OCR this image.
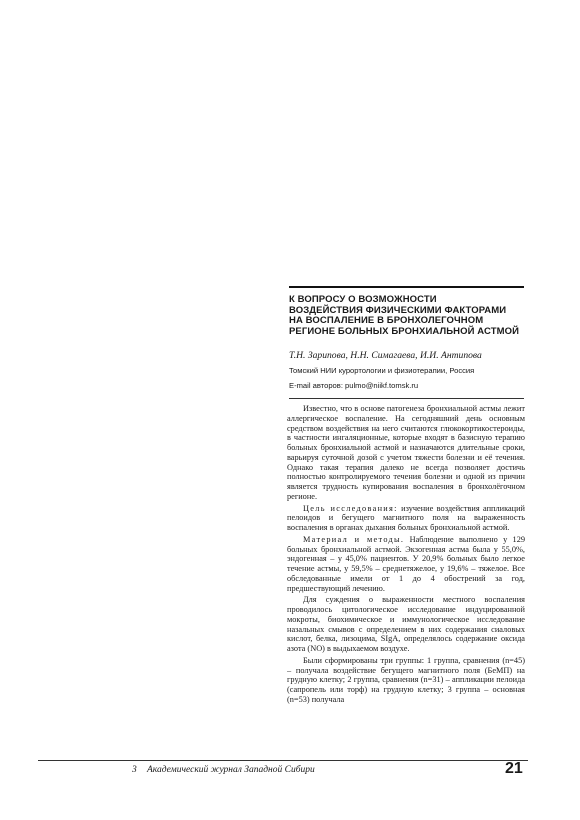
К ВОПРОСУ О ВОЗМОЖНОСТИ
ВОЗДЕЙСТВИЯ ФИЗИЧЕСКИМИ ФАКТОРАМИ
НА ВОСПАЛЕНИЕ В БРОНХОЛЕГОЧНОМ
РЕГИОНЕ БОЛЬНЫХ БРОНХИАЛЬНОЙ АСТМОЙ

Т.Н. Зарипова, Н.Н. Симагаева, И.И. Антипова

Томский НИИ курортологии и физиотерапии, Россия

E-mail авторов: pulmo@niikf.tomsk.ru

Известно, что в основе патогенеза бронхиальной астмы лежит аллергическое воспаление. На сегодняшний день основным средством воздействия на него считаются глюкокортикостероиды, в частности ингаляционные, которые входят в базисную терапию больных бронхиальной астмой и назначаются длительные сроки, варьируя суточной дозой с учетом тяжести болезни и её течения. Однако такая терапия далеко не всегда позволяет достичь полностью контролируемого течения болезни и одной из причин является трудность купирования воспаления в бронхолёгочном регионе.

Цель исследования: изучение воздействия аппликаций пелоидов и бегущего магнитного поля на выраженность воспаления в органах дыхания больных бронхиальной астмой.

Материал и методы. Наблюдение выполнено у 129 больных бронхиальной астмой. Экзогенная астма была у 55,0%, эндогенная – у 45,0% пациентов. У 20,9% больных было легкое течение астмы, у 59,5% – среднетяжелое, у 19,6% – тяжелое. Все обследованные имели от 1 до 4 обострений за год, предшествующий лечению.

Для суждения о выраженности местного воспаления проводилось цитологическое исследование индуцированной мокроты, биохимическое и иммунологическое исследование назальных смывов с определением в них содержания сиаловых кислот, белка, лизоцима, SIgA, определялось содержание оксида азота (NO) в выдыхаемом воздухе.

Были сформированы три группы: 1 группа, сравнения (n=45) – получала воздействие бегущего магнитного поля (БеМП) на грудную клетку; 2 группа, сравнения (n=31) – аппликации пелоида (сапропель или торф) на грудную клетку; 3 группа – основная (n=53) получала

3 Академический журнал Западной Сибири	21
